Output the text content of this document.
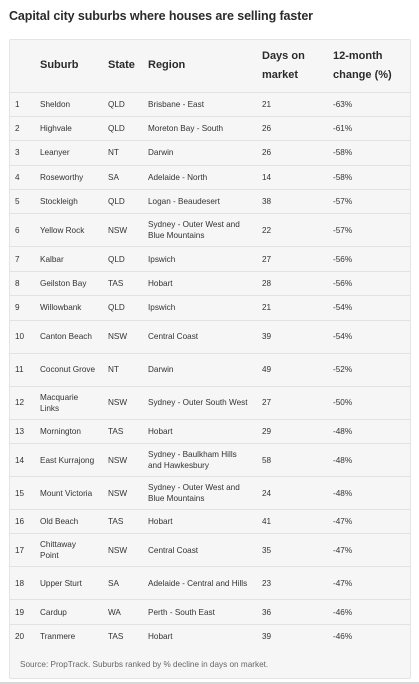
Capital city suburbs where houses are selling faster
	Suburb	State	Region	Days on market	12-month change (%)
1	Sheldon	QLD	Brisbane - East	21	-63%
2	Highvale	QLD	Moreton Bay - South	26	-61%
3	Leanyer	NT	Darwin	26	-58%
4	Roseworthy	SA	Adelaide - North	14	-58%
5	Stockleigh	QLD	Logan - Beaudesert	38	-57%
6	Yellow Rock	NSW	Sydney - Outer West and Blue Mountains	22	-57%
7	Kalbar	QLD	Ipswich	27	-56%
8	Geilston Bay	TAS	Hobart	28	-56%
9	Willowbank	QLD	Ipswich	21	-54%
10	Canton Beach	NSW	Central Coast	39	-54%
11	Coconut Grove	NT	Darwin	49	-52%
12	Macquarie Links	NSW	Sydney - Outer South West	27	-50%
13	Mornington	TAS	Hobart	29	-48%
14	East Kurrajong	NSW	Sydney - Baulkham Hills and Hawkesbury	58	-48%
15	Mount Victoria	NSW	Sydney - Outer West and Blue Mountains	24	-48%
16	Old Beach	TAS	Hobart	41	-47%
17	Chittaway Point	NSW	Central Coast	35	-47%
18	Upper Sturt	SA	Adelaide - Central and Hills	23	-47%
19	Cardup	WA	Perth - South East	36	-46%
20	Tranmere	TAS	Hobart	39	-46%
Source: PropTrack. Suburbs ranked by % decline in days on market.
